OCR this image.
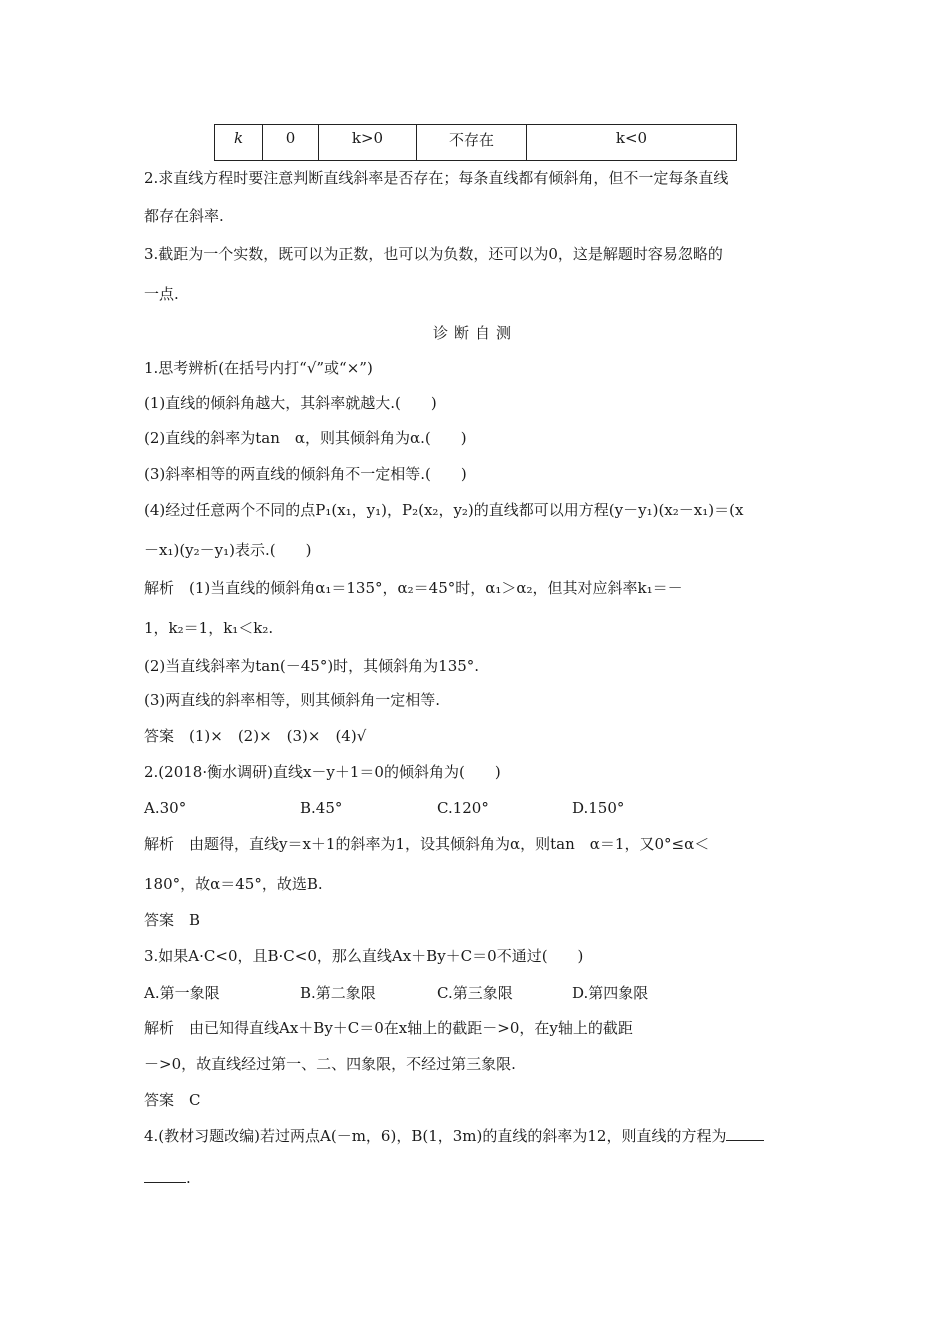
k	0	k>0	不存在	k<0
2.求直线方程时要注意判断直线斜率是否存在；每条直线都有倾斜角，但不一定每条直线
都存在斜率.
3.截距为一个实数，既可以为正数，也可以为负数，还可以为0，这是解题时容易忽略的
一点.
诊断自测
1.思考辨析(在括号内打“√”或“×”)
(1)直线的倾斜角越大，其斜率就越大.(　　)
(2)直线的斜率为tan　α，则其倾斜角为α.(　　)
(3)斜率相等的两直线的倾斜角不一定相等.(　　)
(4)经过任意两个不同的点P₁(x₁，y₁)，P₂(x₂，y₂)的直线都可以用方程(y－y₁)(x₂－x₁)＝(x
－x₁)(y₂－y₁)表示.(　　)
解析　(1)当直线的倾斜角α₁＝135°，α₂＝45°时，α₁＞α₂，但其对应斜率k₁＝－
1，k₂＝1，k₁＜k₂.
(2)当直线斜率为tan(－45°)时，其倾斜角为135°.
(3)两直线的斜率相等，则其倾斜角一定相等.
答案　(1)×　(2)×　(3)×　(4)√
2.(2018·衡水调研)直线x－y＋1＝0的倾斜角为(　　)
A.30°	B.45°	C.120°	D.150°
解析　由题得，直线y＝x＋1的斜率为1，设其倾斜角为α，则tan　α＝1，又0°≤α＜
180°，故α＝45°，故选B.
答案　B
3.如果A·C<0，且B·C<0，那么直线Ax＋By＋C＝0不通过(　　)
A.第一象限	B.第二象限	C.第三象限	D.第四象限
解析　由已知得直线Ax＋By＋C＝0在x轴上的截距－>0，在y轴上的截距
－>0，故直线经过第一、二、四象限，不经过第三象限.
答案　C
4.(教材习题改编)若过两点A(－m，6)，B(1，3m)的直线的斜率为12，则直线的方程为
.
